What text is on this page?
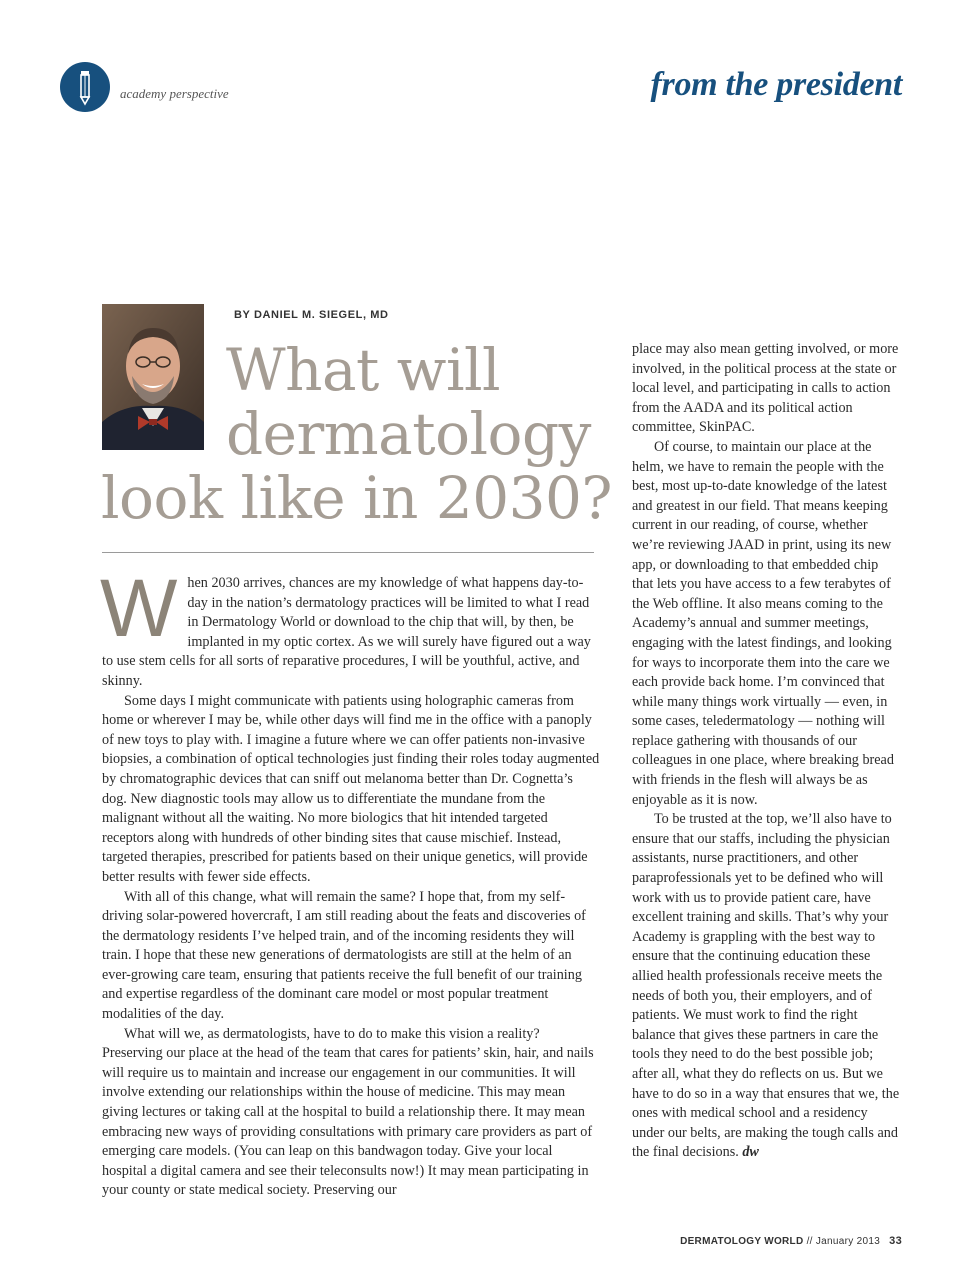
academy perspective	from the president
BY DANIEL M. SIEGEL, MD
What will
dermatology
look like in 2030?
W hen 2030 arrives, chances are my knowledge of what happens day-to-day in the nation’s dermatology practices will be limited to what I read in Dermatology World or download to the chip that will, by then, be implanted in my optic cortex. As we will surely have figured out a way to use stem cells for all sorts of reparative procedures, I will be youthful, active, and skinny.

Some days I might communicate with patients using holographic cameras from home or wherever I may be, while other days will find me in the office with a panoply of new toys to play with. I imagine a future where we can offer patients non-invasive biopsies, a combination of optical technologies just finding their roles today augmented by chromatographic devices that can sniff out melanoma better than Dr. Cognetta’s dog. New diagnostic tools may allow us to differentiate the mundane from the malignant without all the waiting. No more biologics that hit intended targeted receptors along with hundreds of other binding sites that cause mischief. Instead, targeted therapies, prescribed for patients based on their unique genetics, will provide better results with fewer side effects.

With all of this change, what will remain the same? I hope that, from my self-driving solar-powered hovercraft, I am still reading about the feats and discoveries of the dermatology residents I’ve helped train, and of the incoming residents they will train. I hope that these new generations of dermatologists are still at the helm of an ever-growing care team, ensuring that patients receive the full benefit of our training and expertise regardless of the dominant care model or most popular treatment modalities of the day.

What will we, as dermatologists, have to do to make this vision a reality? Preserving our place at the head of the team that cares for patients’ skin, hair, and nails will require us to maintain and increase our engagement in our communities. It will involve extending our relationships within the house of medicine. This may mean giving lectures or taking call at the hospital to build a relationship there. It may mean embracing new ways of providing consultations with primary care providers as part of emerging care models. (You can leap on this bandwagon today. Give your local hospital a digital camera and see their teleconsults now!) It may mean participating in your county or state medical society. Preserving our

place may also mean getting involved, or more involved, in the political process at the state or local level, and participating in calls to action from the AADA and its political action committee, SkinPAC.

Of course, to maintain our place at the helm, we have to remain the people with the best, most up-to-date knowledge of the latest and greatest in our field. That means keeping current in our reading, of course, whether we’re reviewing JAAD in print, using its new app, or downloading to that embedded chip that lets you have access to a few terabytes of the Web offline. It also means coming to the Academy’s annual and summer meetings, engaging with the latest findings, and looking for ways to incorporate them into the care we each provide back home. I’m convinced that while many things work virtually — even, in some cases, teledermatology — nothing will replace gathering with thousands of our colleagues in one place, where breaking bread with friends in the flesh will always be as enjoyable as it is now.

To be trusted at the top, we’ll also have to ensure that our staffs, including the physician assistants, nurse practitioners, and other paraprofessionals yet to be defined who will work with us to provide patient care, have excellent training and skills. That’s why your Academy is grappling with the best way to ensure that the continuing education these allied health professionals receive meets the needs of both you, their employers, and of patients. We must work to find the right balance that gives these partners in care the tools they need to do the best possible job; after all, what they do reflects on us. But we have to do so in a way that ensures that we, the ones with medical school and a residency under our belts, are making the tough calls and the final decisions. dw

DERMATOLOGY WORLD // January 2013 33
